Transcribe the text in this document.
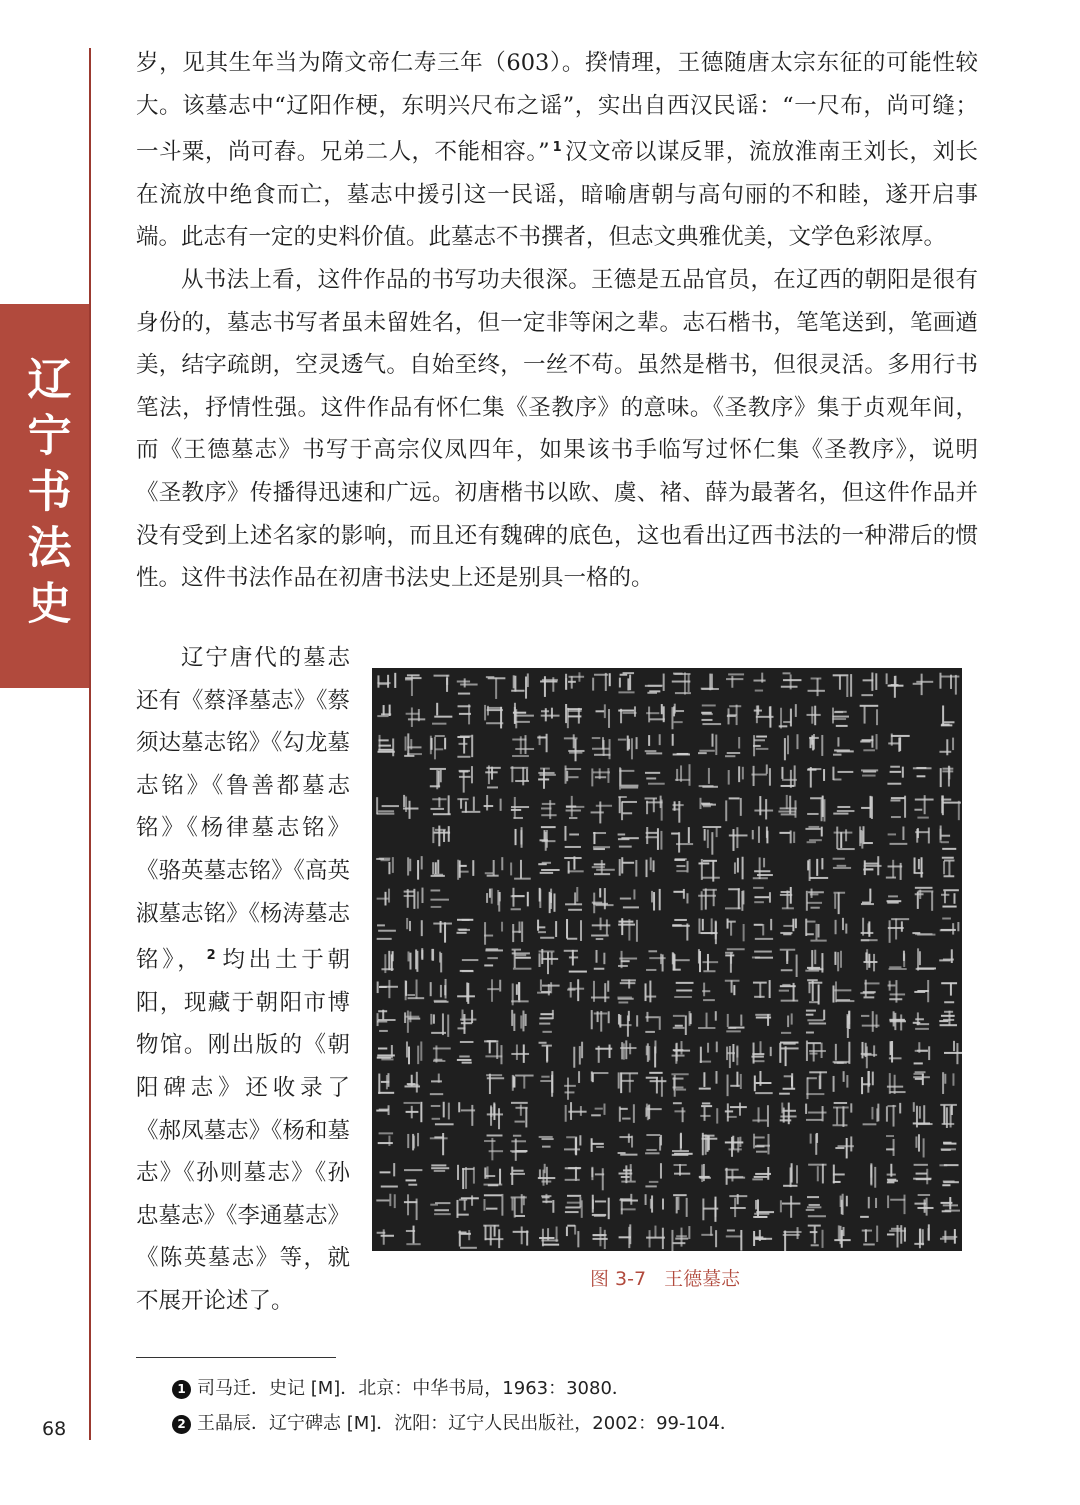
辽宁书法史

岁，见其生年当为隋文帝仁寿三年（603）。揆情理，王德随唐太宗东征的可能性较大。该墓志中“辽阳作梗，东明兴尺布之谣”，实出自西汉民谣：“一尺布，尚可缝；一斗粟，尚可舂。兄弟二人，不能相容。” $^1$ 汉文帝以谋反罪，流放淮南王刘长，刘长在流放中绝食而亡，墓志中援引这一民谣，暗喻唐朝与高句丽的不和睦，遂开启事端。此志有一定的史料价值。此墓志不书撰者，但志文典雅优美，文学色彩浓厚。

从书法上看，这件作品的书写功夫很深。王德是五品官员，在辽西的朝阳是很有身份的，墓志书写者虽未留姓名，但一定非等闲之辈。志石楷书，笔笔送到，笔画遒美，结字疏朗，空灵透气。自始至终，一丝不苟。虽然是楷书，但很灵活。多用行书笔法，抒情性强。这件作品有怀仁集《圣教序》的意味。《圣教序》集于贞观年间，而《王德墓志》书写于高宗仪凤四年，如果该书手临写过怀仁集《圣教序》，说明《圣教序》传播得迅速和广远。初唐楷书以欧、虞、褚、薛为最著名，但这件作品并没有受到上述名家的影响，而且还有魏碑的底色，这也看出辽西书法的一种滞后的惯性。这件书法作品在初唐书法史上还是别具一格的。

辽宁唐代的墓志还有《蔡泽墓志》《蔡须达墓志铭》《勾龙墓志铭》《鲁善都墓志铭》《杨律墓志铭》《骆英墓志铭》《高英淑墓志铭》《杨涛墓志铭》， $^2$ 均出土于朝阳，现藏于朝阳市博物馆。刚出版的《朝阳碑志》还收录了《郝凤墓志》《杨和墓志》《孙则墓志》《孙忠墓志》《李通墓志》《陈英墓志》等，就不展开论述了。

图 3-7 王德墓志
1 司马迁．史记 [M]．北京：中华书局，1963：3080．
2 王晶辰．辽宁碑志 [M]．沈阳：辽宁人民出版社，2002：99-104．
68
